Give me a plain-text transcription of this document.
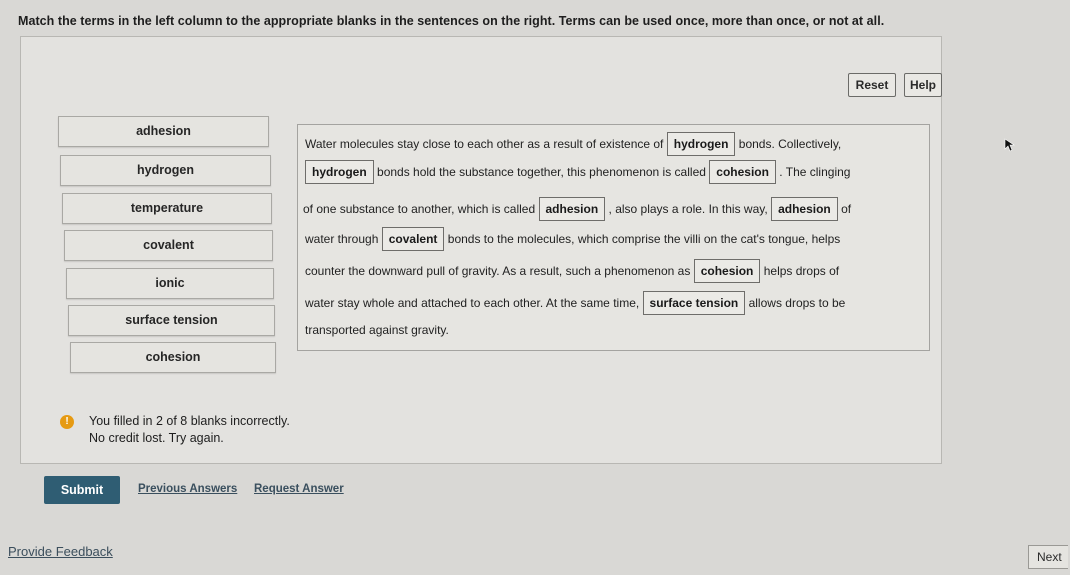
Match the terms in the left column to the appropriate blanks in the sentences on the right. Terms can be used once, more than once, or not at all.
Reset	Help
adhesion
hydrogen
temperature
covalent
ionic
surface tension
cohesion
Water molecules stay close to each other as a result of existence of hydrogen bonds. Collectively,
hydrogen bonds hold the substance together, this phenomenon is called cohesion . The clinging
of one substance to another, which is called adhesion , also plays a role. In this way, adhesion of
water through covalent bonds to the molecules, which comprise the villi on the cat's tongue, helps
counter the downward pull of gravity. As a result, such a phenomenon as cohesion helps drops of
water stay whole and attached to each other. At the same time, surface tension allows drops to be
transported against gravity.
!	You filled in 2 of 8 blanks incorrectly.
No credit lost. Try again.
Submit	Previous Answers Request Answer
Provide Feedback	Next
